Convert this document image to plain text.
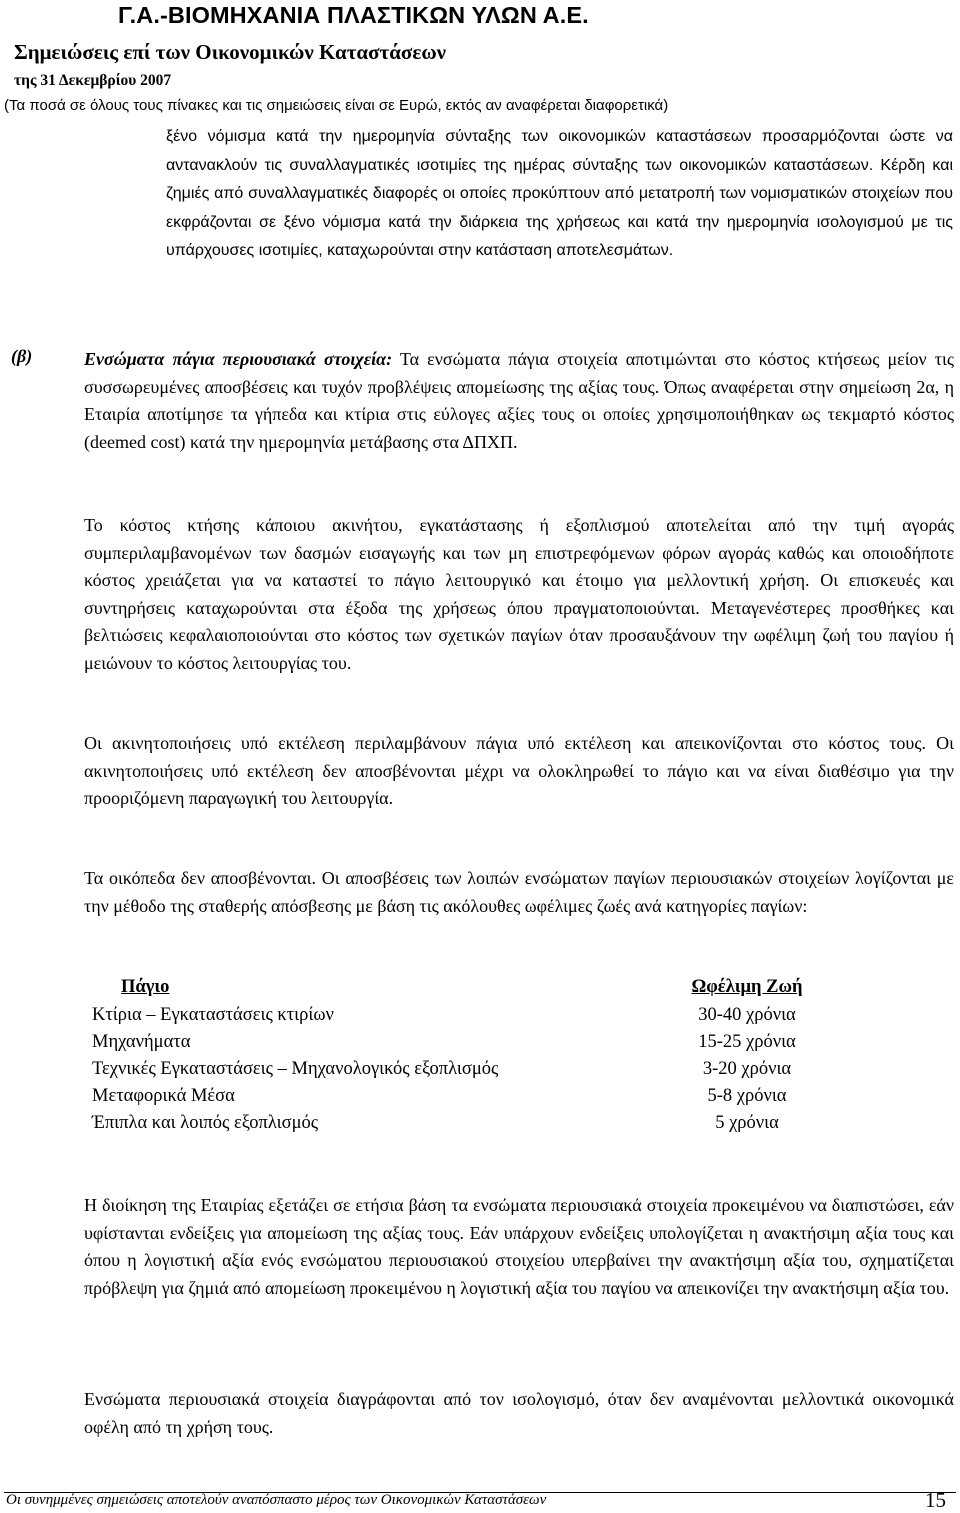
Γ.Α.-ΒΙΟΜΗΧΑΝΙΑ ΠΛΑΣΤΙΚΩΝ ΥΛΩΝ Α.Ε.
Σημειώσεις επί των Οικονομικών Καταστάσεων
της 31 Δεκεμβρίου 2007
(Τα ποσά σε όλους τους πίνακες και τις σημειώσεις είναι σε Ευρώ, εκτός αν αναφέρεται διαφορετικά)
ξένο νόμισμα κατά την ημερομηνία σύνταξης των οικονομικών καταστάσεων προσαρμόζονται ώστε να αντανακλούν τις συναλλαγματικές ισοτιμίες της ημέρας σύνταξης των οικονομικών καταστάσεων. Κέρδη και ζημιές από συναλλαγματικές διαφορές οι οποίες προκύπτουν από μετατροπή των νομισματικών στοιχείων που εκφράζονται σε ξένο νόμισμα κατά την διάρκεια της χρήσεως και κατά την ημερομηνία ισολογισμού με τις υπάρχουσες ισοτιμίες, καταχωρούνται στην κατάσταση αποτελεσμάτων.
(β)	Ενσώματα πάγια περιουσιακά στοιχεία: Τα ενσώματα πάγια στοιχεία αποτιμώνται στο κόστος κτήσεως μείον τις συσσωρευμένες αποσβέσεις και τυχόν προβλέψεις απομείωσης της αξίας τους. Όπως αναφέρεται στην σημείωση 2α, η Εταιρία αποτίμησε τα γήπεδα και κτίρια στις εύλογες αξίες τους οι οποίες χρησιμοποιήθηκαν ως τεκμαρτό κόστος (deemed cost) κατά την ημερομηνία μετάβασης στα ΔΠΧΠ.
Το κόστος κτήσης κάποιου ακινήτου, εγκατάστασης ή εξοπλισμού αποτελείται από την τιμή αγοράς συμπεριλαμβανομένων των δασμών εισαγωγής και των μη επιστρεφόμενων φόρων αγοράς καθώς και οποιοδήποτε κόστος χρειάζεται για να καταστεί το πάγιο λειτουργικό και έτοιμο για μελλοντική χρήση. Οι επισκευές και συντηρήσεις καταχωρούνται στα έξοδα της χρήσεως όπου πραγματοποιούνται. Μεταγενέστερες προσθήκες και βελτιώσεις κεφαλαιοποιούνται στο κόστος των σχετικών παγίων όταν προσαυξάνουν την ωφέλιμη ζωή του παγίου ή μειώνουν το κόστος λειτουργίας του.
Οι ακινητοποιήσεις υπό εκτέλεση περιλαμβάνουν πάγια υπό εκτέλεση και απεικονίζονται στο κόστος τους. Οι ακινητοποιήσεις υπό εκτέλεση δεν αποσβένονται μέχρι να ολοκληρωθεί το πάγιο και να είναι διαθέσιμο για την προοριζόμενη παραγωγική του λειτουργία.
Τα οικόπεδα δεν αποσβένονται. Οι αποσβέσεις των λοιπών ενσώματων παγίων περιουσιακών στοιχείων λογίζονται με την μέθοδο της σταθερής απόσβεσης με βάση τις ακόλουθες ωφέλιμες ζωές ανά κατηγορίες παγίων:
Πάγιο	Ωφέλιμη Ζωή
Κτίρια – Εγκαταστάσεις κτιρίων	30-40 χρόνια
Μηχανήματα	15-25 χρόνια
Τεχνικές Εγκαταστάσεις – Μηχανολογικός εξοπλισμός	3-20 χρόνια
Μεταφορικά Μέσα	5-8 χρόνια
Έπιπλα και λοιπός εξοπλισμός	5 χρόνια
Η διοίκηση της Εταιρίας εξετάζει σε ετήσια βάση τα ενσώματα περιουσιακά στοιχεία προκειμένου να διαπιστώσει, εάν υφίστανται ενδείξεις για απομείωση της αξίας τους. Εάν υπάρχουν ενδείξεις υπολογίζεται η ανακτήσιμη αξία τους και όπου η λογιστική αξία ενός ενσώματου περιουσιακού στοιχείου υπερβαίνει την ανακτήσιμη αξία του, σχηματίζεται πρόβλεψη για ζημιά από απομείωση προκειμένου η λογιστική αξία του παγίου να απεικονίζει την ανακτήσιμη αξία του.
Ενσώματα περιουσιακά στοιχεία διαγράφονται από τον ισολογισμό, όταν δεν αναμένονται μελλοντικά οικονομικά οφέλη από τη χρήση τους.
Οι συνημμένες σημειώσεις αποτελούν αναπόσπαστο μέρος των Οικονομικών Καταστάσεων	15
